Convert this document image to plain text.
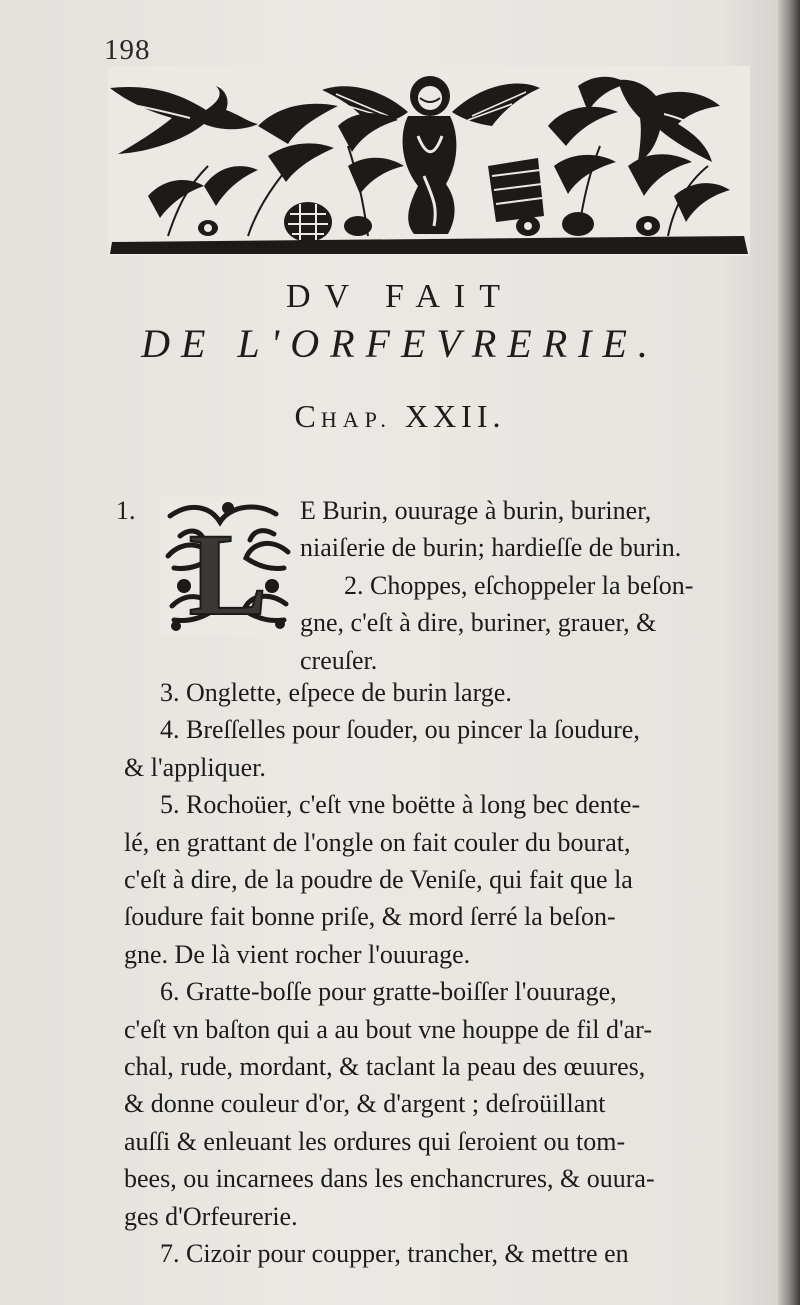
198
DV FAIT
DE L'ORFEVRERIE.
CHAP. XXII.
1. L E Burin, ouurage à burin, buriner,
niaiſerie de burin; hardieſſe de burin.
2. Choppes, eſchoppeler la beſon-
gne, c'eſt à dire, buriner, grauer, &
creuſer.
3. Onglette, eſpece de burin large.
4. Breſſelles pour ſouder, ou pincer la ſoudure,
& l'appliquer.
5. Rochoüer, c'eſt vne boëtte à long bec dente-
lé, en grattant de l'ongle on fait couler du bourat,
c'eſt à dire, de la poudre de Veniſe, qui fait que la
ſoudure fait bonne priſe, & mord ſerré la beſon-
gne. De là vient rocher l'ouurage.
6. Gratte-boſſe pour gratte-boiſſer l'ouurage,
c'eſt vn baſton qui a au bout vne houppe de fil d'ar-
chal, rude, mordant, & taclant la peau des œuures,
& donne couleur d'or, & d'argent ; deſroüillant
auſſi & enleuant les ordures qui ſeroient ou tom-
bees, ou incarnees dans les enchancrures, & ouura-
ges d'Orfeurerie.
7. Cizoir pour coupper, trancher, & mettre en
